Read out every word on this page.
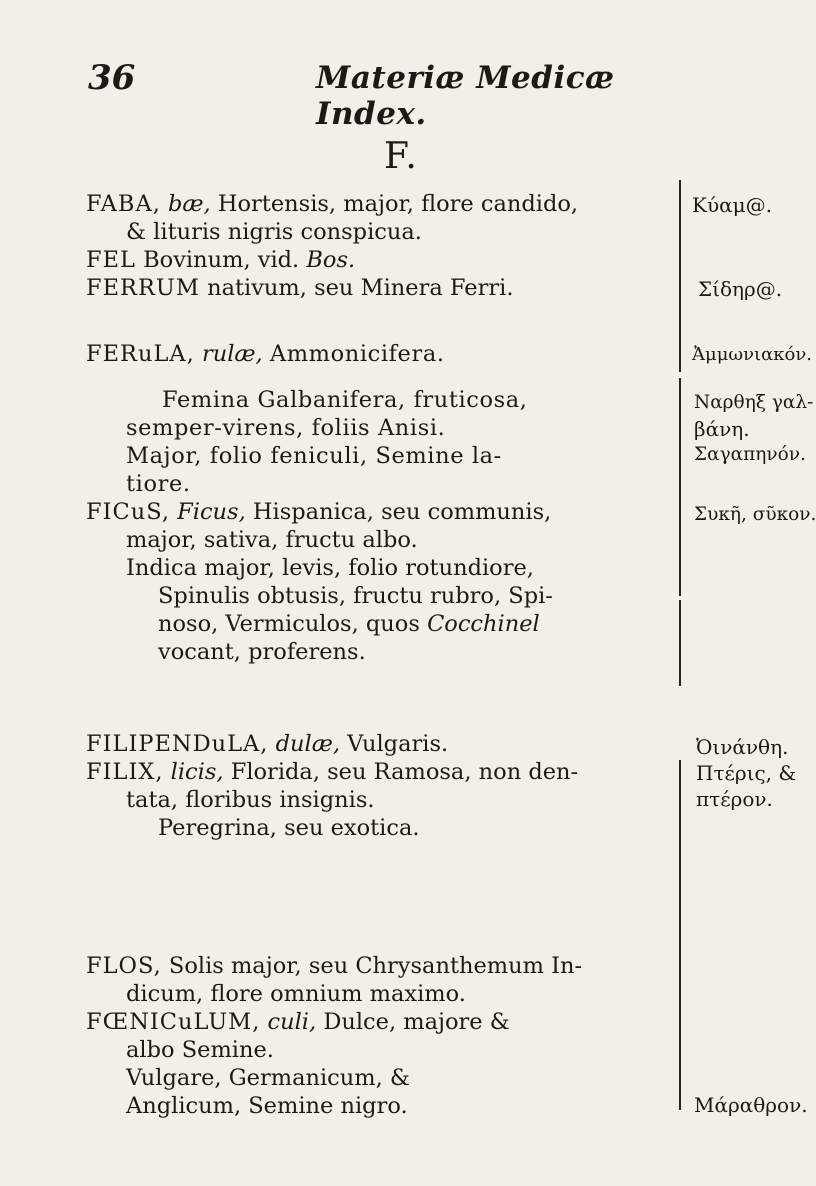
36	Materiæ Medicæ Index.
F.
FABA, bæ, Hortensis, major, flore candido,
& lituris nigris conspicua.
FEL Bovinum, vid. Bos.
FERRUM nativum, seu Minera Ferri.
FERuLA, rulæ, Ammonicifera.
Femina Galbanifera, fruticosa,
semper-virens, foliis Anisi.
Major, folio feniculi, Semine la-
tiore.
FICuS, Ficus, Hispanica, seu communis,
major, sativa, fructu albo.
Indica major, levis, folio rotundiore,
Spinulis obtusis, fructu rubro, Spi-
noso, Vermiculos, quos Cocchinel
vocant, proferens.
FILIPENDuLA, dulæ, Vulgaris.
FILIX, licis, Florida, seu Ramosa, non den-
tata, floribus insignis.
Peregrina, seu exotica.
FLOS, Solis major, seu Chrysanthemum In-
dicum, flore omnium maximo.
FŒNICuLUM, culi, Dulce, majore &
albo Semine.
Vulgare, Germanicum, &
Anglicum, Semine nigro.
Κύαμ@.
Σίδηρ@.
Ἀμμωνιακόν.
Ναρθηξ γαλ-
βάνη.
Σαγαπηνόν.
Συκῆ, σῦκον.
Ὀινάνθη.
Πτέρις, &
πτέρον.
Μάραθρον.
